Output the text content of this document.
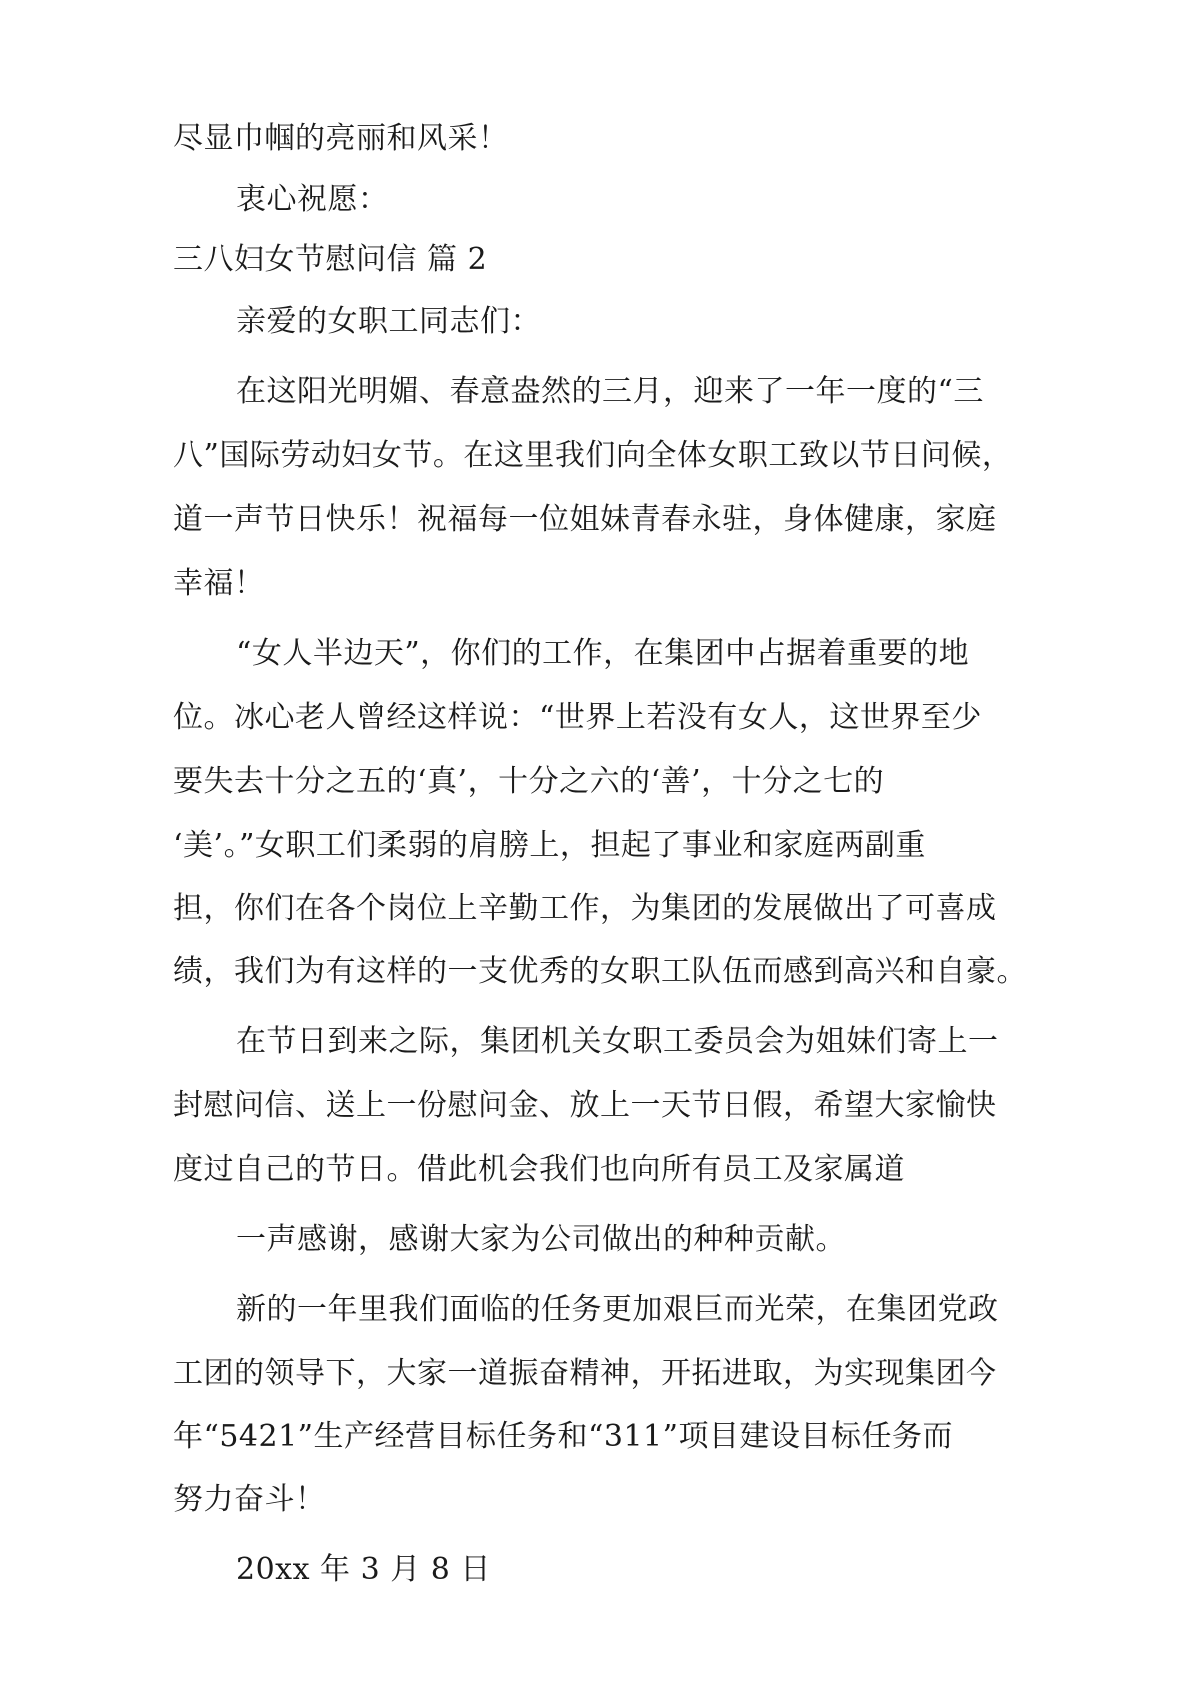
尽显巾帼的亮丽和风采！
衷心祝愿：
三八妇女节慰问信 篇 2
亲爱的女职工同志们：
在这阳光明媚、春意盎然的三月，迎来了一年一度的“三
八”国际劳动妇女节。在这里我们向全体女职工致以节日问候，
道一声节日快乐！祝福每一位姐妹青春永驻，身体健康，家庭
幸福！
“女人半边天”，你们的工作，在集团中占据着重要的地
位。冰心老人曾经这样说：“世界上若没有女人，这世界至少
要失去十分之五的‘真’，十分之六的‘善’，十分之七的
‘美’。”女职工们柔弱的肩膀上，担起了事业和家庭两副重
担，你们在各个岗位上辛勤工作，为集团的发展做出了可喜成
绩，我们为有这样的一支优秀的女职工队伍而感到高兴和自豪。
在节日到来之际，集团机关女职工委员会为姐妹们寄上一
封慰问信、送上一份慰问金、放上一天节日假，希望大家愉快
度过自己的节日。借此机会我们也向所有员工及家属道
一声感谢，感谢大家为公司做出的种种贡献。
新的一年里我们面临的任务更加艰巨而光荣，在集团党政
工团的领导下，大家一道振奋精神，开拓进取，为实现集团今
年“5421”生产经营目标任务和“311”项目建设目标任务而
努力奋斗！
20xx 年 3 月 8 日
